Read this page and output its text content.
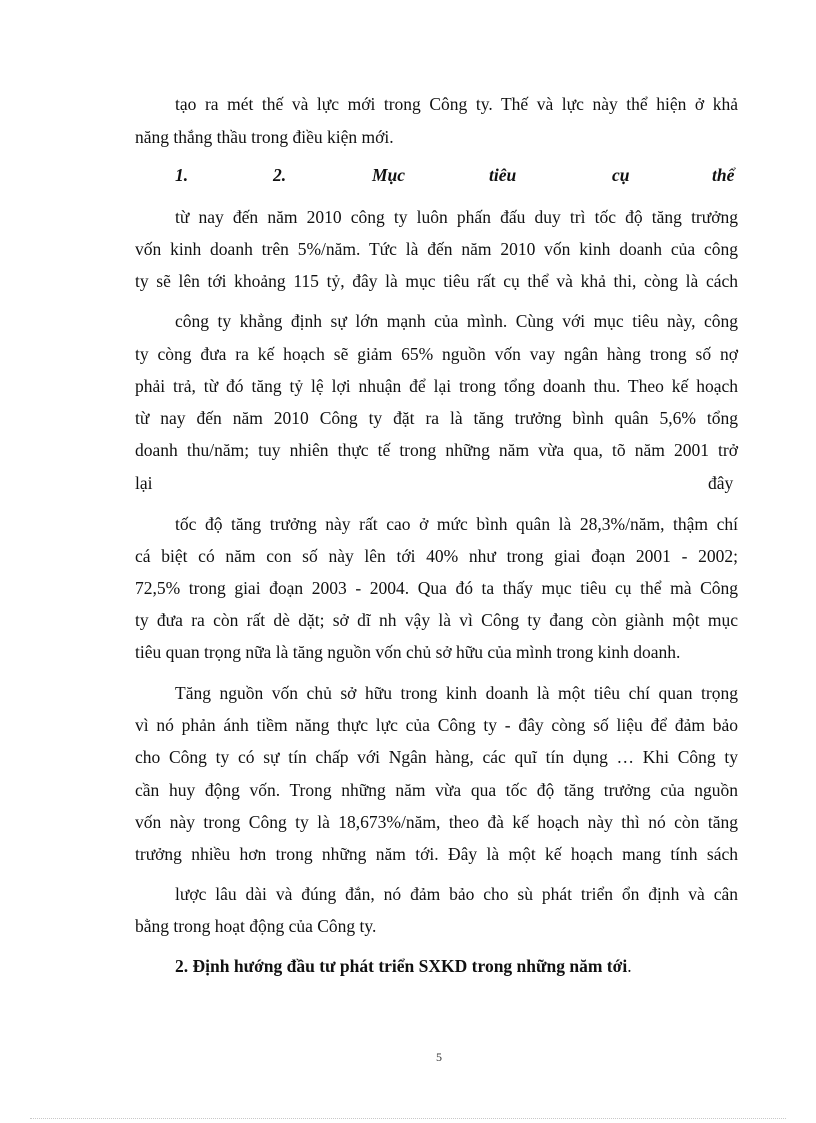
tạo ra mét thế và lực mới trong Công ty. Thế và lực này thể hiện ở khả
năng thắng thầu trong điều kiện mới.
1.	2.	Mục	tiêu	cụ	thể
từ nay đến năm 2010 công ty luôn phấn đấu duy trì tốc độ tăng trưởng
vốn kinh doanh trên 5%/năm. Tức là đến năm 2010 vốn kinh doanh của công
ty sẽ lên tới khoảng 115 tỷ, đây là mục tiêu rất cụ thể và khả thi, còng là cách
công ty khẳng định sự lớn mạnh của mình. Cùng với mục tiêu này, công
ty còng đưa ra kế hoạch sẽ giảm 65% nguồn vốn vay ngân hàng trong số nợ
phải trả, từ đó tăng tỷ lệ lợi nhuận để lại trong tổng doanh thu. Theo kế hoạch
từ nay đến năm 2010 Công ty đặt ra là tăng trưởng bình quân 5,6% tổng
doanh thu/năm; tuy nhiên thực tế trong những năm vừa qua, tõ năm 2001 trở
lại	đây
tốc độ tăng trưởng này rất cao ở mức bình quân là 28,3%/năm, thậm chí
cá biệt có năm con số này lên tới 40% như trong giai đoạn 2001 - 2002;
72,5% trong giai đoạn 2003 - 2004. Qua đó ta thấy mục tiêu cụ thể mà Công
ty đưa ra còn rất dè dặt; sở dĩ nh vậy là vì Công ty đang còn giành một mục
tiêu quan trọng nữa là tăng nguồn vốn chủ sở hữu của mình trong kinh doanh.
Tăng nguồn vốn chủ sở hữu trong kinh doanh là một tiêu chí quan trọng
vì nó phản ánh tiềm năng thực lực của Công ty - đây còng số liệu để đảm bảo
cho Công ty có sự tín chấp với Ngân hàng, các quĩ tín dụng … Khi Công ty
cần huy động vốn. Trong những năm vừa qua tốc độ tăng trưởng của nguồn
vốn này trong Công ty là 18,673%/năm, theo đà kế hoạch này thì nó còn tăng
trưởng nhiều hơn trong những năm tới. Đây là một kế hoạch mang tính sách
lược lâu dài và đúng đắn, nó đảm bảo cho sù phát triển ổn định và cân
bằng trong hoạt động của Công ty.
2. Định hướng đầu tư phát triển SXKD trong những năm tới.
5
